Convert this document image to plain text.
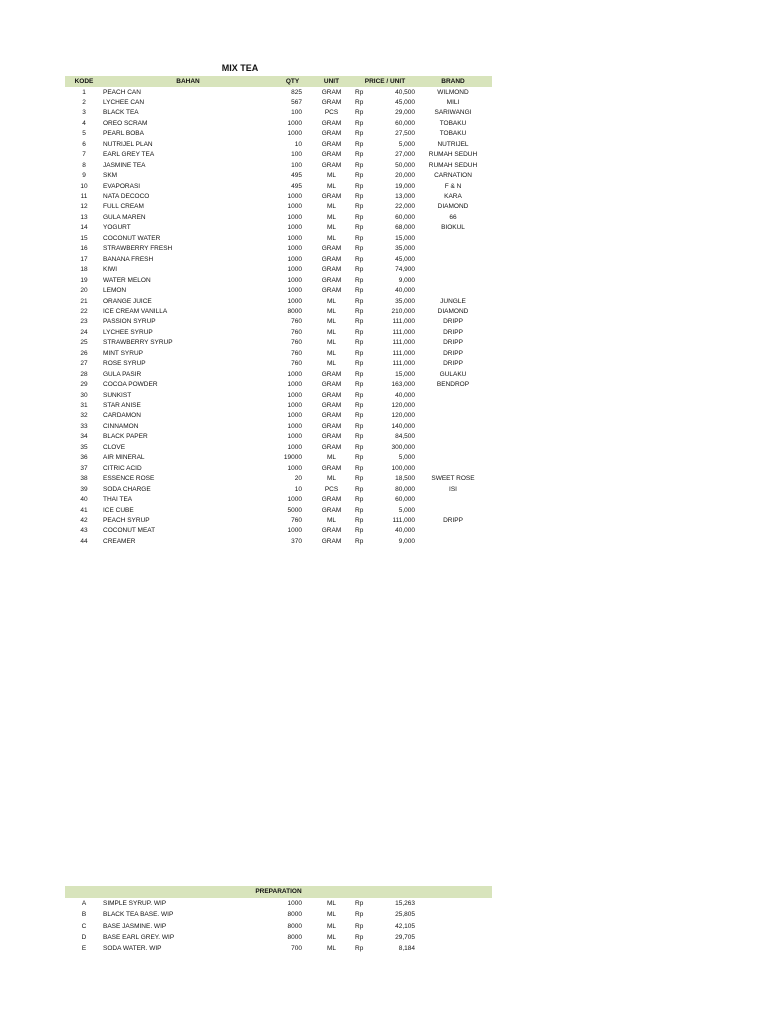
MIX TEA
KODE	BAHAN	QTY	UNIT	PRICE / UNIT	BRAND
1	PEACH CAN	825	GRAM	Rp	40,500	WILMOND
2	LYCHEE CAN	567	GRAM	Rp	45,000	MILI
3	BLACK TEA	100	PCS	Rp	29,000	SARIWANGI
4	OREO SCRAM	1000	GRAM	Rp	60,000	TOBAKU
5	PEARL BOBA	1000	GRAM	Rp	27,500	TOBAKU
6	NUTRIJEL PLAN	10	GRAM	Rp	5,000	NUTRIJEL
7	EARL GREY TEA	100	GRAM	Rp	27,000	RUMAH SEDUH
8	JASMINE TEA	100	GRAM	Rp	50,000	RUMAH SEDUH
9	SKM	495	ML	Rp	20,000	CARNATION
10	EVAPORASI	495	ML	Rp	19,000	F & N
11	NATA DECOCO	1000	GRAM	Rp	13,000	KARA
12	FULL CREAM	1000	ML	Rp	22,000	DIAMOND
13	GULA MAREN	1000	ML	Rp	60,000	66
14	YOGURT	1000	ML	Rp	68,000	BIOKUL
15	COCONUT WATER	1000	ML	Rp	15,000
16	STRAWBERRY FRESH	1000	GRAM	Rp	35,000
17	BANANA FRESH	1000	GRAM	Rp	45,000
18	KIWI	1000	GRAM	Rp	74,900
19	WATER MELON	1000	GRAM	Rp	9,000
20	LEMON	1000	GRAM	Rp	40,000
21	ORANGE JUICE	1000	ML	Rp	35,000	JUNGLE
22	ICE CREAM VANILLA	8000	ML	Rp	210,000	DIAMOND
23	PASSION SYRUP	760	ML	Rp	111,000	DRIPP
24	LYCHEE SYRUP	760	ML	Rp	111,000	DRIPP
25	STRAWBERRY SYRUP	760	ML	Rp	111,000	DRIPP
26	MINT SYRUP	760	ML	Rp	111,000	DRIPP
27	ROSE SYRUP	760	ML	Rp	111,000	DRIPP
28	GULA PASIR	1000	GRAM	Rp	15,000	GULAKU
29	COCOA POWDER	1000	GRAM	Rp	163,000	BENDROP
30	SUNKIST	1000	GRAM	Rp	40,000
31	STAR ANISE	1000	GRAM	Rp	120,000
32	CARDAMON	1000	GRAM	Rp	120,000
33	CINNAMON	1000	GRAM	Rp	140,000
34	BLACK PAPER	1000	GRAM	Rp	84,500
35	CLOVE	1000	GRAM	Rp	300,000
36	AIR MINERAL	19000	ML	Rp	5,000
37	CITRIC ACID	1000	GRAM	Rp	100,000
38	ESSENCE ROSE	20	ML	Rp	18,500	SWEET ROSE
39	SODA CHARGE	10	PCS	Rp	80,000	ISI
40	THAI TEA	1000	GRAM	Rp	60,000
41	ICE CUBE	5000	GRAM	Rp	5,000
42	PEACH SYRUP	760	ML	Rp	111,000	DRIPP
43	COCONUT MEAT	1000	GRAM	Rp	40,000
44	CREAMER	370	GRAM	Rp	9,000
PREPARATION
A	SIMPLE SYRUP. WIP	1000	ML	Rp	15,263
B	BLACK TEA BASE. WIP	8000	ML	Rp	25,805
C	BASE JASMINE. WIP	8000	ML	Rp	42,105
D	BASE EARL GREY. WIP	8000	ML	Rp	29,705
E	SODA WATER. WIP	700	ML	Rp	8,184
